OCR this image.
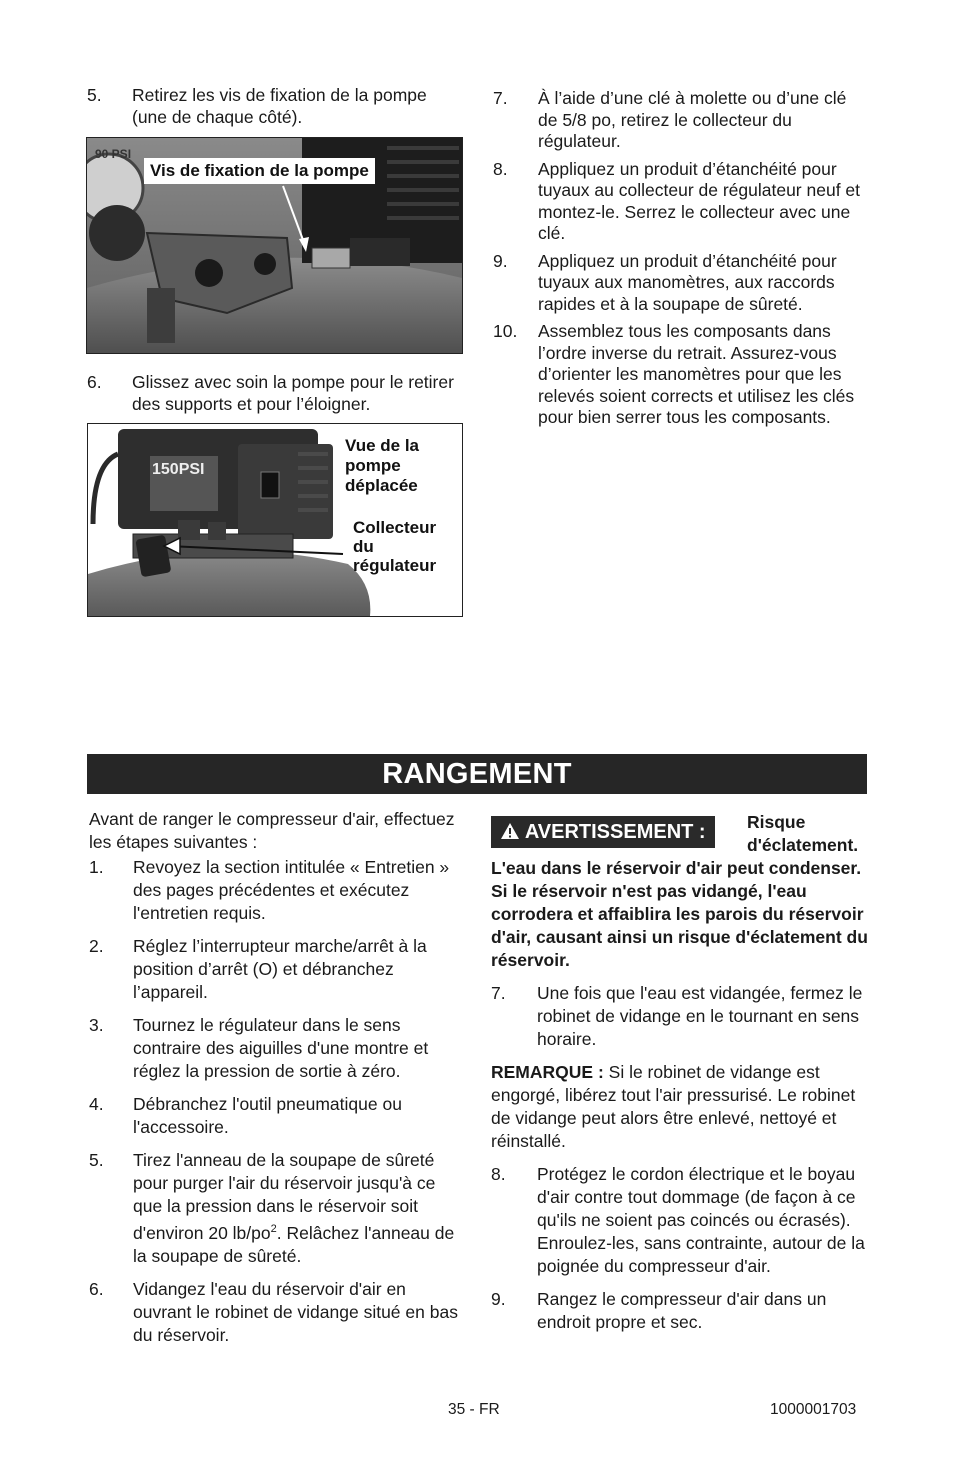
5. Retirez les vis de fixation de la pompe (une de chaque côté).
90 PSI
Vis de fixation de la pompe
6. Glissez avec soin la pompe pour le retirer des supports et pour l’éloigner.
150PSI
Vue de la pompe déplacée
Collecteur du régulateur
7. À l’aide d’une clé à molette ou d’une clé de 5/8 po, retirez le collecteur du régulateur.
8. Appliquez un produit d’étanchéité pour tuyaux au collecteur de régulateur neuf et montez-le. Serrez le collecteur avec une clé.
9. Appliquez un produit d’étanchéité pour tuyaux aux manomètres, aux raccords rapides et à la soupape de sûreté.
10. Assemblez tous les composants dans l’ordre inverse du retrait. Assurez-vous d’orienter les manomètres pour que les relevés soient corrects et utilisez les clés pour bien serrer tous les composants.
RANGEMENT
Avant de ranger le compresseur d'air, effectuez les étapes suivantes :
1. Revoyez la section intitulée « Entretien » des pages précédentes et exécutez l'entretien requis.
2. Réglez l’interrupteur marche/arrêt à la position d’arrêt (O) et débranchez l’appareil.
3. Tournez le régulateur dans le sens contraire des aiguilles d'une montre et réglez la pression de sortie à zéro.
4. Débranchez l'outil pneumatique ou l'accessoire.
5. Tirez l'anneau de la soupape de sûreté pour purger l'air du réservoir jusqu'à ce que la pression dans le réservoir soit d'environ 20 $lb/po^2$. Relâchez l'anneau de la soupape de sûreté.
6. Vidangez l'eau du réservoir d'air en ouvrant le robinet de vidange situé en bas du réservoir.
AVERTISSEMENT :	Risque d'éclatement.
L'eau dans le réservoir d'air peut condenser. Si le réservoir n'est pas vidangé, l'eau corrodera et affaiblira les parois du réservoir d'air, causant ainsi un risque d'éclatement du réservoir.
7. Une fois que l'eau est vidangée, fermez le robinet de vidange en le tournant en sens horaire.
REMARQUE : Si le robinet de vidange est engorgé, libérez tout l'air pressurisé. Le robinet de vidange peut alors être enlevé, nettoyé et réinstallé.
8. Protégez le cordon électrique et le boyau d'air contre tout dommage (de façon à ce qu'ils ne soient pas coincés ou écrasés). Enroulez-les, sans contrainte, autour de la poignée du compresseur d'air.
9. Rangez le compresseur d'air dans un endroit propre et sec.
35 - FR	1000001703
